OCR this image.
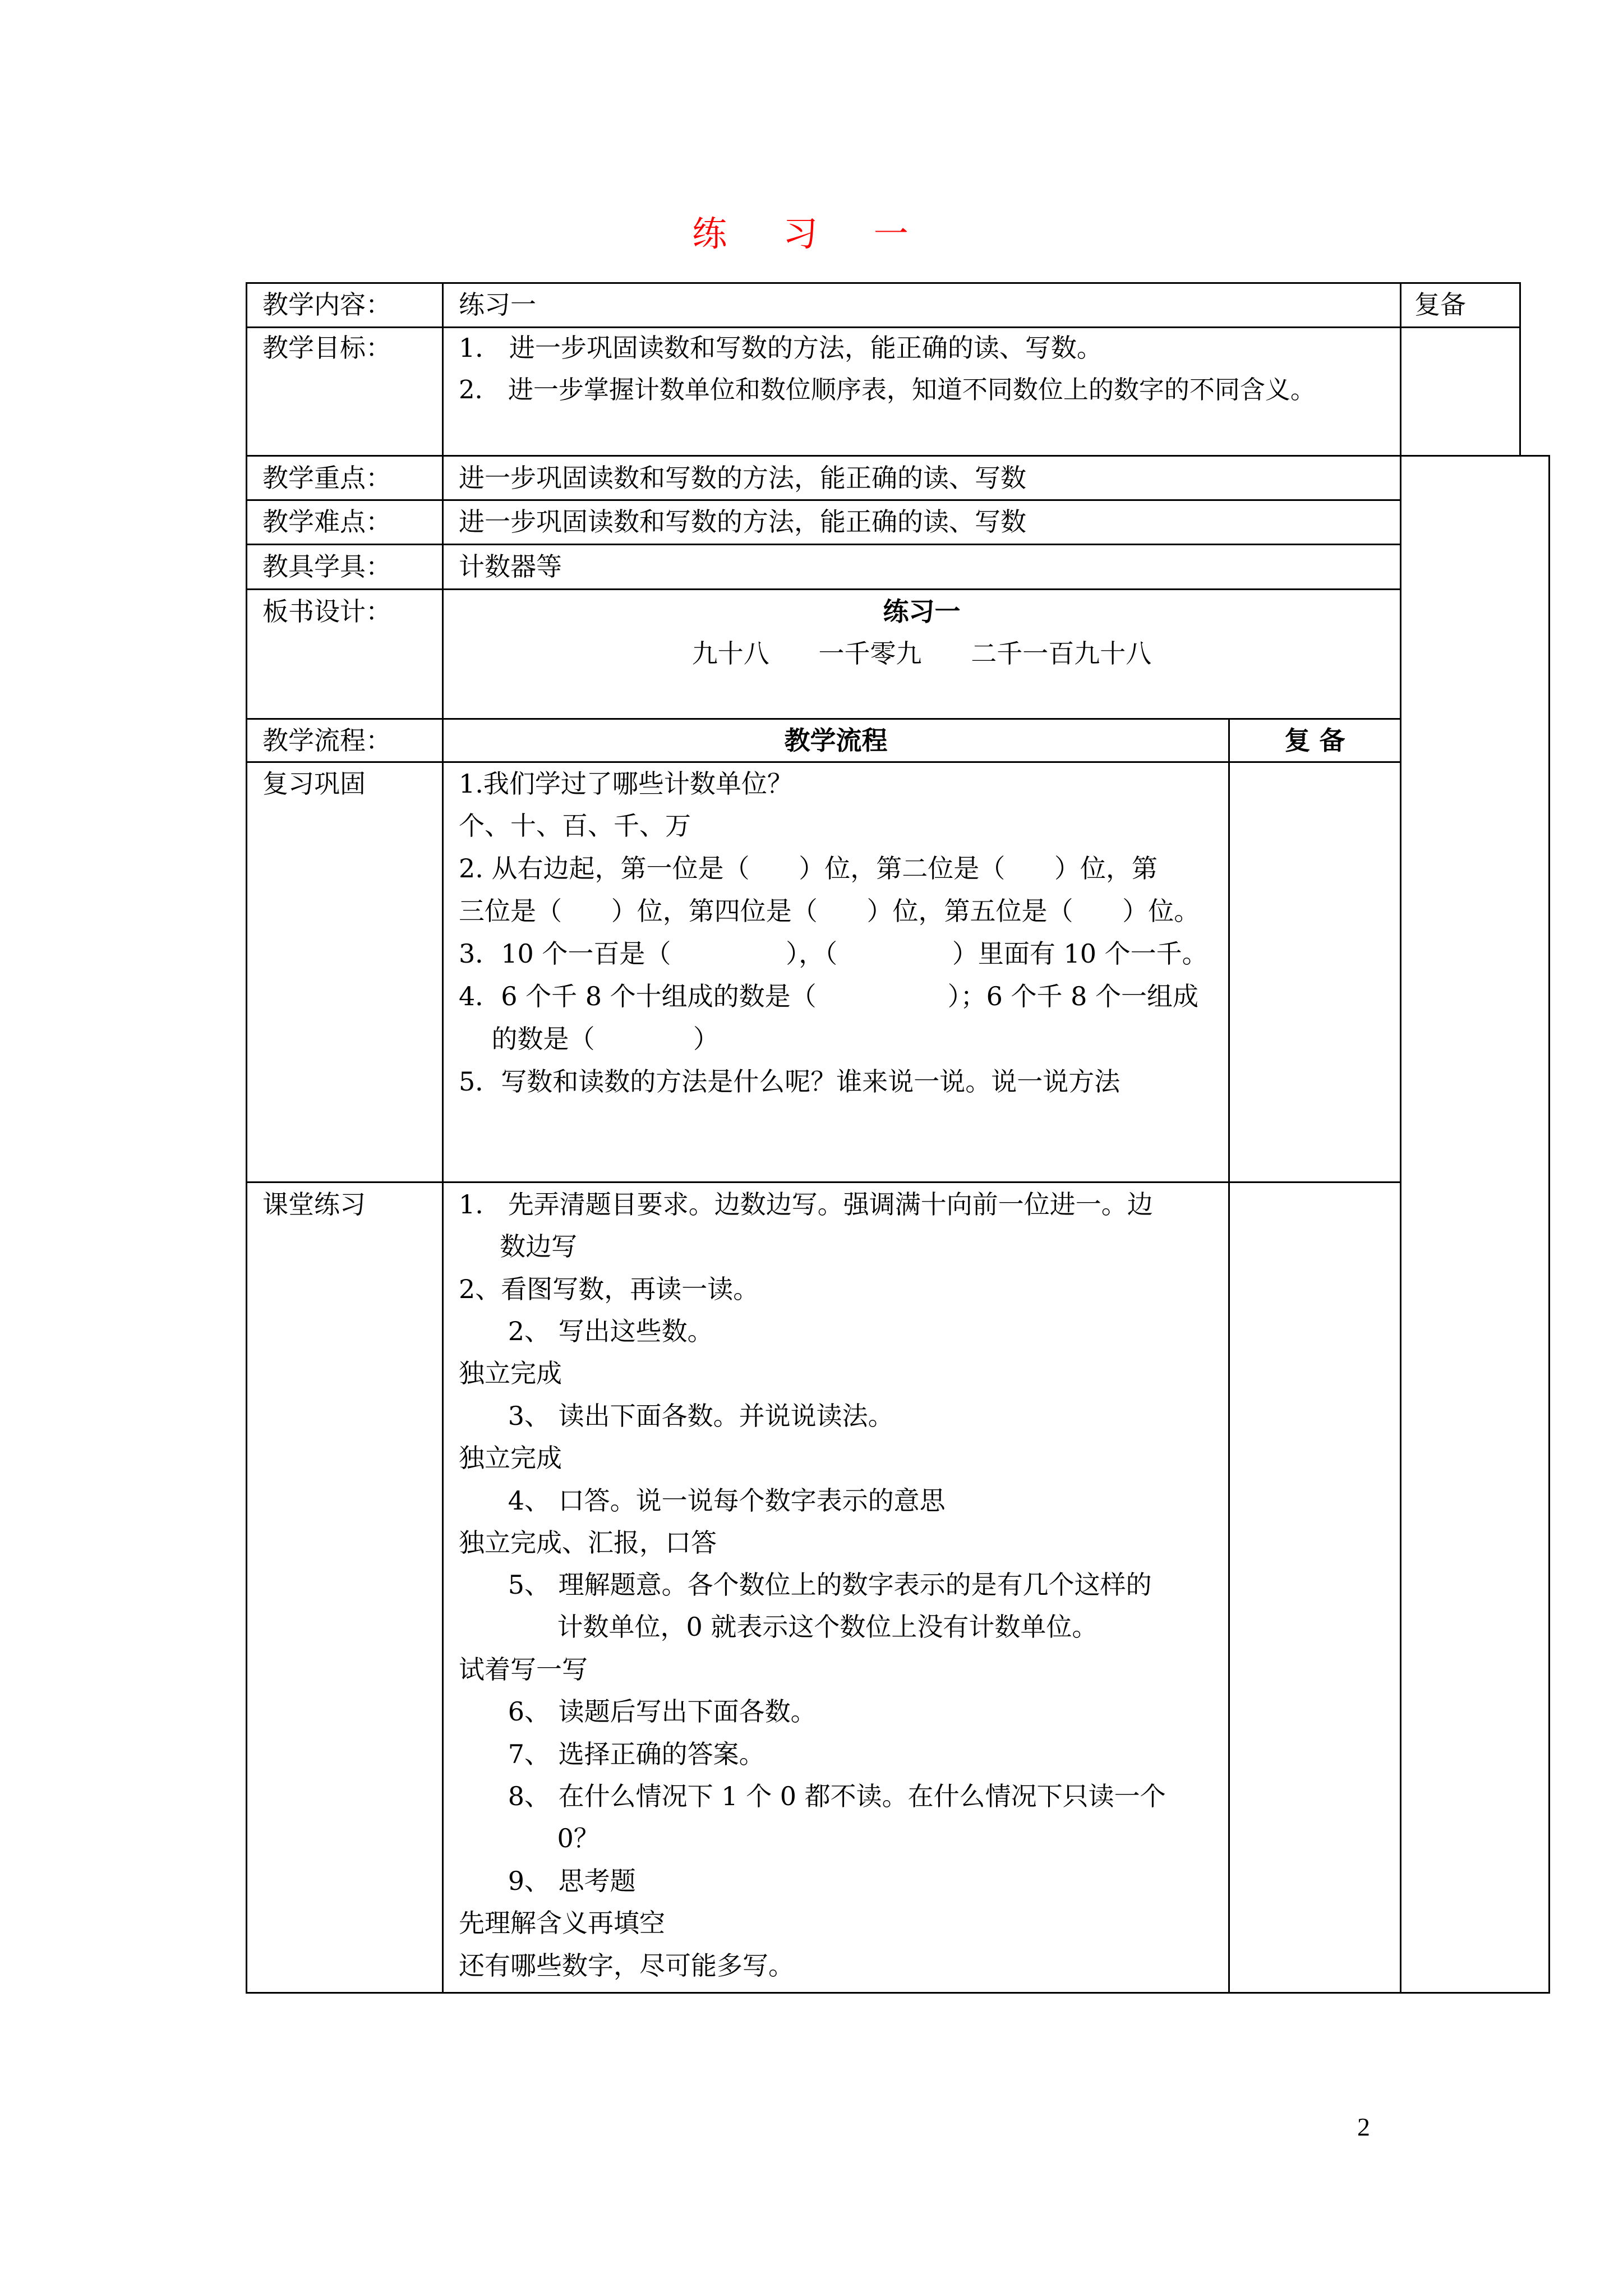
练 习 一
教学内容：	练习一	复备
教学目标：	1． 进一步巩固读数和写数的方法，能正确的读、写数。
2． 进一步掌握计数单位和数位顺序表，知道不同数位上的数字的不同含义。
教学重点：	进一步巩固读数和写数的方法，能正确的读、写数
教学难点：	进一步巩固读数和写数的方法，能正确的读、写数
教具学具：	计数器等
板书设计：	练习一
九十八      一千零九      二千一百九十八
教学流程：	教学流程	复 备
复习巩固	1.我们学过了哪些计数单位？
个、十、百、千、万
2. 从右边起，第一位是（      ）位，第二位是（      ）位，第
三位是（      ）位，第四位是（      ）位，第五位是（      ）位。
3．10 个一百是（              ），（              ）里面有 10 个一千。
4．6 个千 8 个十组成的数是（                ）；6 个千 8 个一组成
的数是（            ）
5．写数和读数的方法是什么呢？谁来说一说。说一说方法
课堂练习	1.   先弄清题目要求。边数边写。强调满十向前一位进一。边
数边写
2、看图写数，再读一读。
2、 写出这些数。
独立完成
3、 读出下面各数。并说说读法。
独立完成
4、 口答。说一说每个数字表示的意思
独立完成、汇报，口答
5、 理解题意。各个数位上的数字表示的是有几个这样的
计数单位，0 就表示这个数位上没有计数单位。
试着写一写
6、 读题后写出下面各数。
7、 选择正确的答案。
8、 在什么情况下 1 个 0 都不读。在什么情况下只读一个
0？
9、 思考题
先理解含义再填空
还有哪些数字，尽可能多写。
2
